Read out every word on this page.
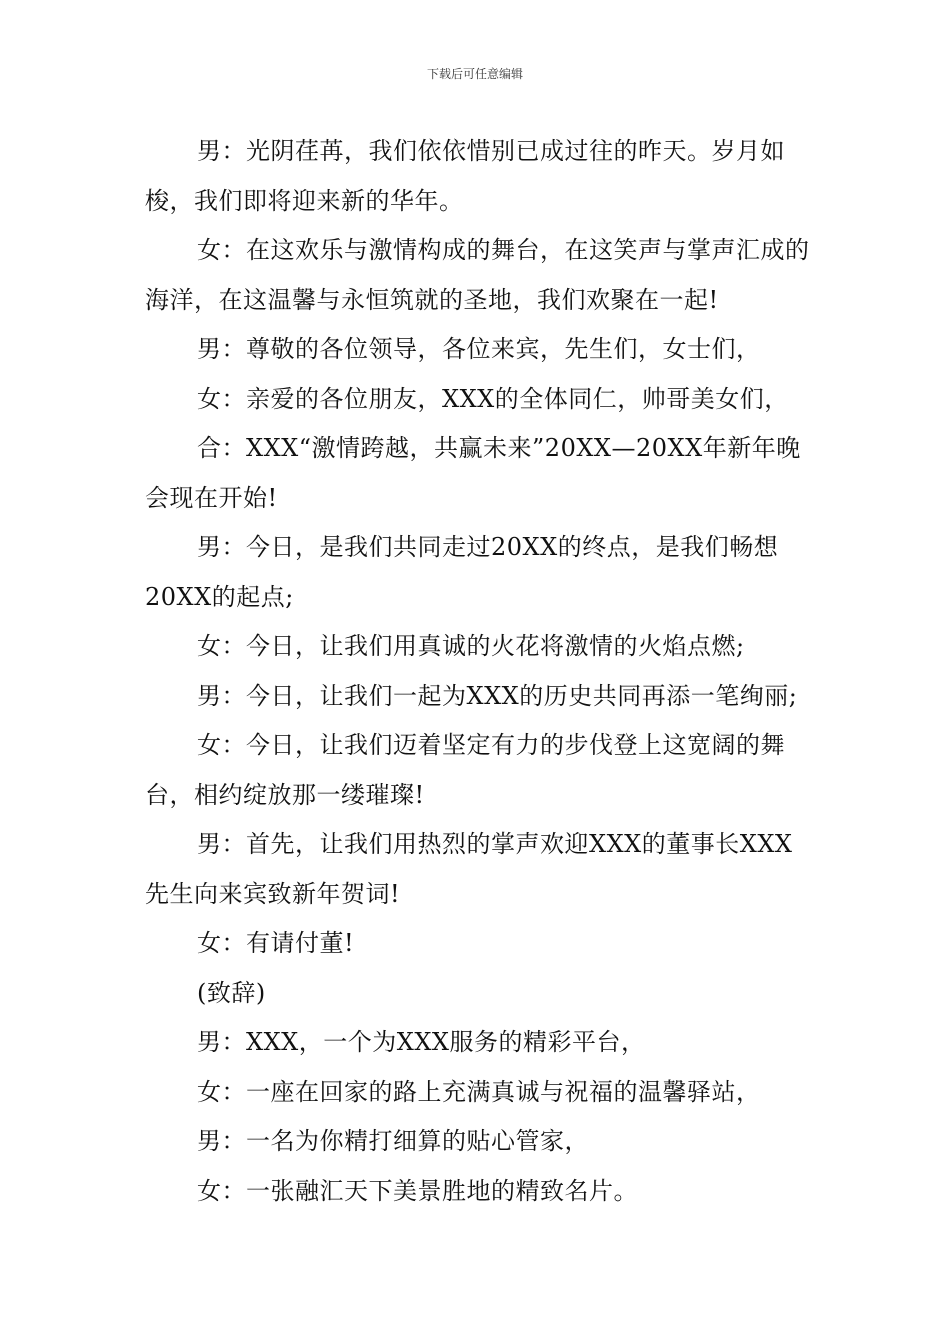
下载后可任意编辑

男：光阴荏苒，我们依依惜别已成过往的昨天。岁月如梭，我们即将迎来新的华年。

女：在这欢乐与激情构成的舞台，在这笑声与掌声汇成的海洋，在这温馨与永恒筑就的圣地，我们欢聚在一起!

男：尊敬的各位领导，各位来宾，先生们，女士们，

女：亲爱的各位朋友，XXX的全体同仁，帅哥美女们，

合：XXX“激情跨越，共赢未来”20XX—20XX年新年晚会现在开始!

男：今日，是我们共同走过20XX的终点，是我们畅想20XX的起点;

女：今日，让我们用真诚的火花将激情的火焰点燃;

男：今日，让我们一起为XXX的历史共同再添一笔绚丽;

女：今日，让我们迈着坚定有力的步伐登上这宽阔的舞台，相约绽放那一缕璀璨!

男：首先，让我们用热烈的掌声欢迎XXX的董事长XXX先生向来宾致新年贺词!

女：有请付董!

(致辞)

男：XXX，一个为XXX服务的精彩平台，

女：一座在回家的路上充满真诚与祝福的温馨驿站，

男：一名为你精打细算的贴心管家，

女：一张融汇天下美景胜地的精致名片。
